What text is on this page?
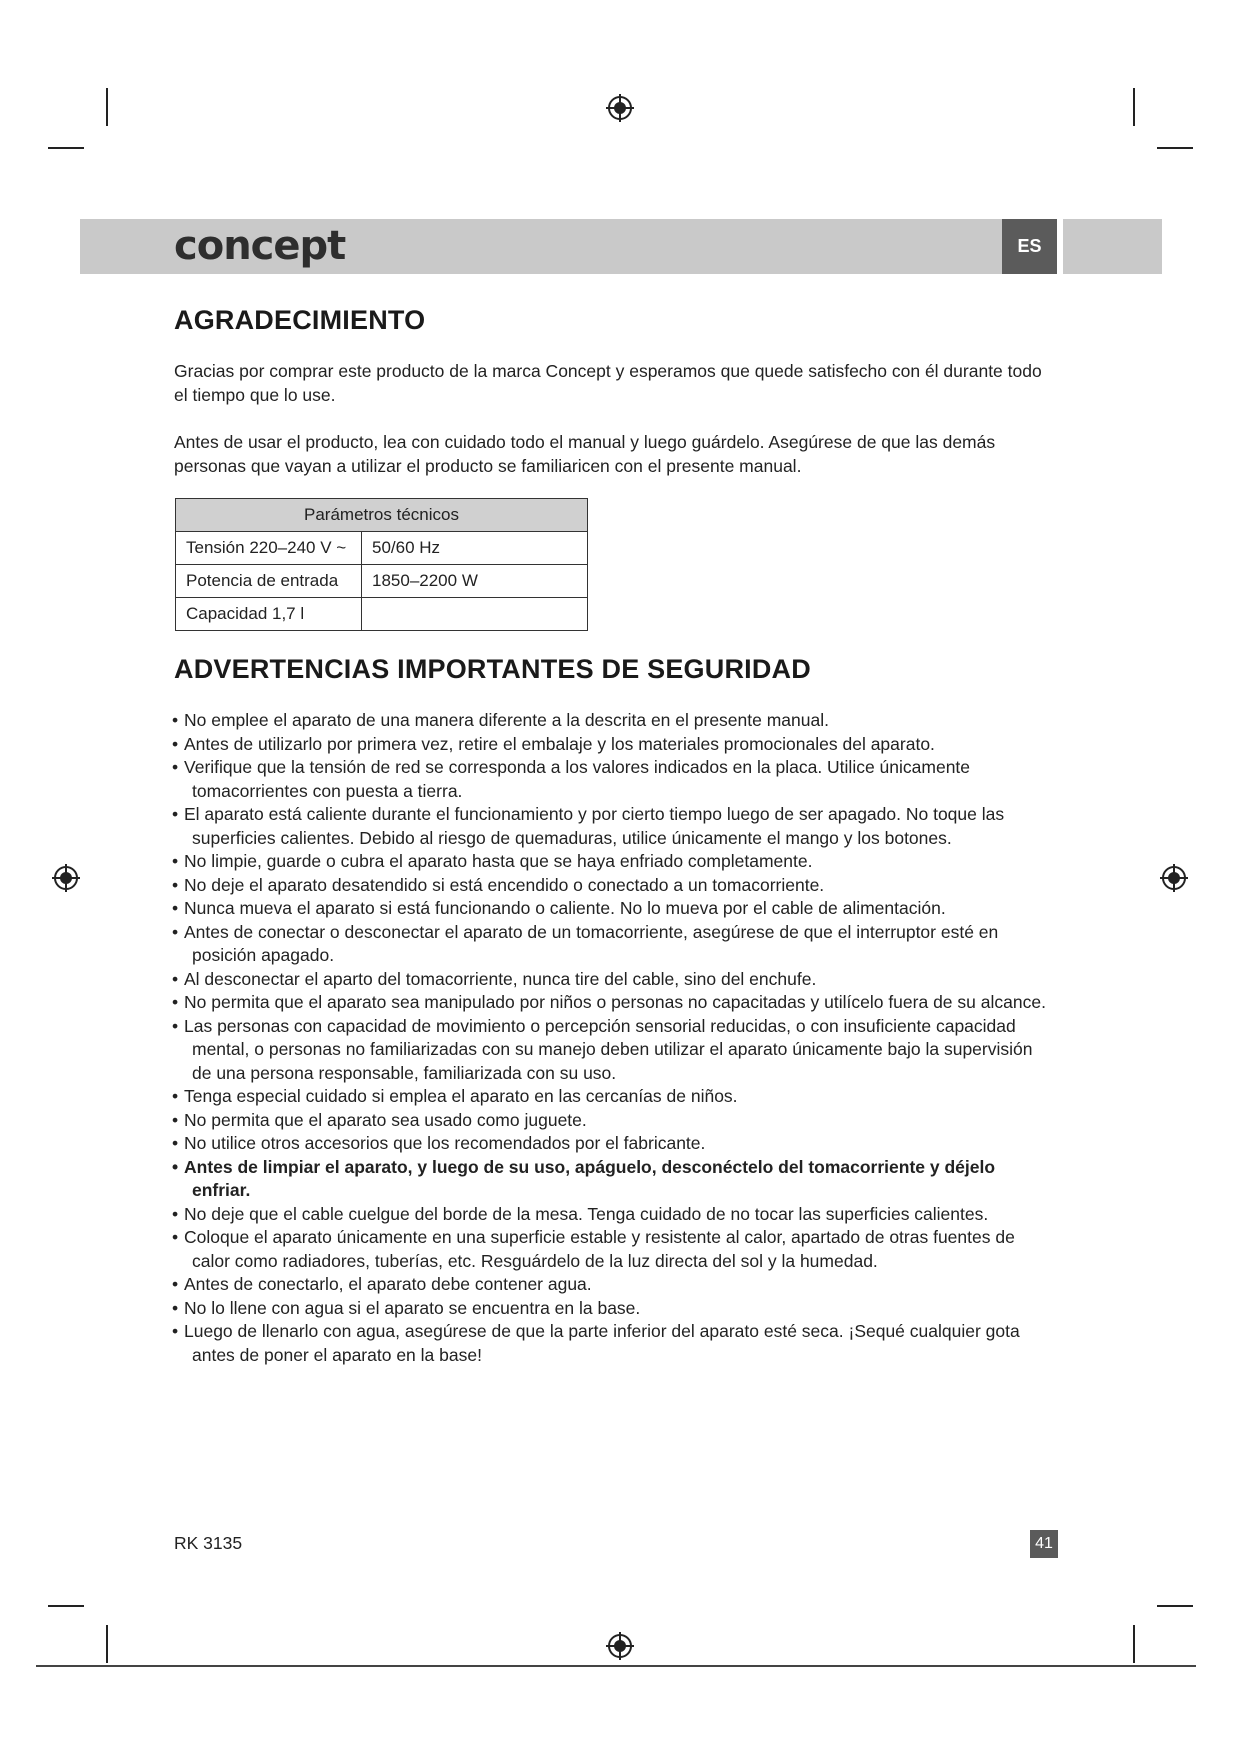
concept	ES
AGRADECIMIENTO

Gracias por comprar este producto de la marca Concept y esperamos que quede satisfecho con él durante todo el tiempo que lo use.

Antes de usar el producto, lea con cuidado todo el manual y luego guárdelo. Asegúrese de que las demás personas que vayan a utilizar el producto se familiaricen con el presente manual.

Parámetros técnicos	
Tensión 220–240 V ~	50/60 Hz
Potencia de entrada	1850–2200 W
Capacidad 1,7 l	
ADVERTENCIAS IMPORTANTES DE SEGURIDAD
• No emplee el aparato de una manera diferente a la descrita en el presente manual.
• Antes de utilizarlo por primera vez, retire el embalaje y los materiales promocionales del aparato.
• Verifique que la tensión de red se corresponda a los valores indicados en la placa. Utilice únicamente tomacorrientes con puesta a tierra.
• El aparato está caliente durante el funcionamiento y por cierto tiempo luego de ser apagado. No toque las superficies calientes. Debido al riesgo de quemaduras, utilice únicamente el mango y los botones.
• No limpie, guarde o cubra el aparato hasta que se haya enfriado completamente.
• No deje el aparato desatendido si está encendido o conectado a un tomacorriente.
• Nunca mueva el aparato si está funcionando o caliente. No lo mueva por el cable de alimentación.
• Antes de conectar o desconectar el aparato de un tomacorriente, asegúrese de que el interruptor esté en posición apagado.
• Al desconectar el aparto del tomacorriente, nunca tire del cable, sino del enchufe.
• No permita que el aparato sea manipulado por niños o personas no capacitadas y utilícelo fuera de su alcance.
• Las personas con capacidad de movimiento o percepción sensorial reducidas, o con insuficiente capacidad mental, o personas no familiarizadas con su manejo deben utilizar el aparato únicamente bajo la supervisión de una persona responsable, familiarizada con su uso.
• Tenga especial cuidado si emplea el aparato en las cercanías de niños.
• No permita que el aparato sea usado como juguete.
• No utilice otros accesorios que los recomendados por el fabricante.
• Antes de limpiar el aparato, y luego de su uso, apáguelo, desconéctelo del tomacorriente y déjelo enfriar.
• No deje que el cable cuelgue del borde de la mesa. Tenga cuidado de no tocar las superficies calientes.
• Coloque el aparato únicamente en una superficie estable y resistente al calor, apartado de otras fuentes de calor como radiadores, tuberías, etc. Resguárdelo de la luz directa del sol y la humedad.
• Antes de conectarlo, el aparato debe contener agua.
• No lo llene con agua si el aparato se encuentra en la base.
• Luego de llenarlo con agua, asegúrese de que la parte inferior del aparato esté seca. ¡Sequé cualquier gota antes de poner el aparato en la base!
RK 3135	41
